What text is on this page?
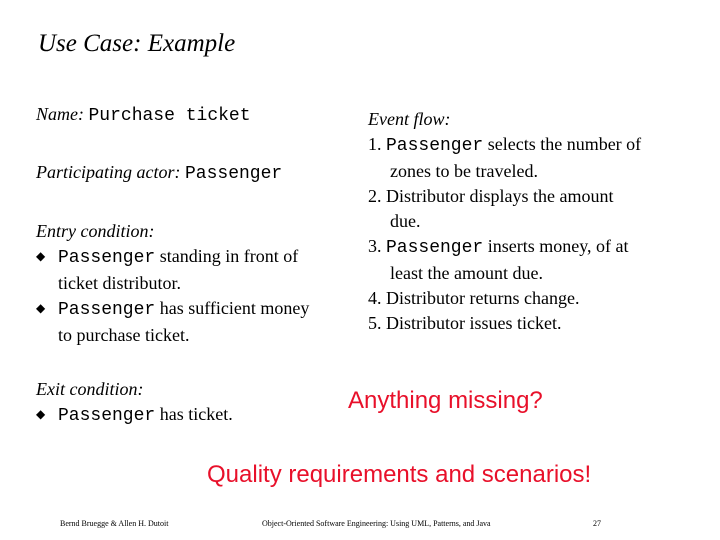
Use Case: Example
Name: Purchase ticket
Participating actor: Passenger
Entry condition:
◆ Passenger standing in front of
ticket distributor.
◆ Passenger has sufficient money
to purchase ticket.
Exit condition:
◆ Passenger has ticket.
Event flow:
1. Passenger selects the number of
zones to be traveled.
2. Distributor displays the amount
due.
3. Passenger inserts money, of at
least the amount due.
4. Distributor returns change.
5. Distributor issues ticket.
Anything missing?
Quality requirements and scenarios!
Bernd Bruegge & Allen H. Dutoit	Object-Oriented Software Engineering: Using UML, Patterns, and Java	27
